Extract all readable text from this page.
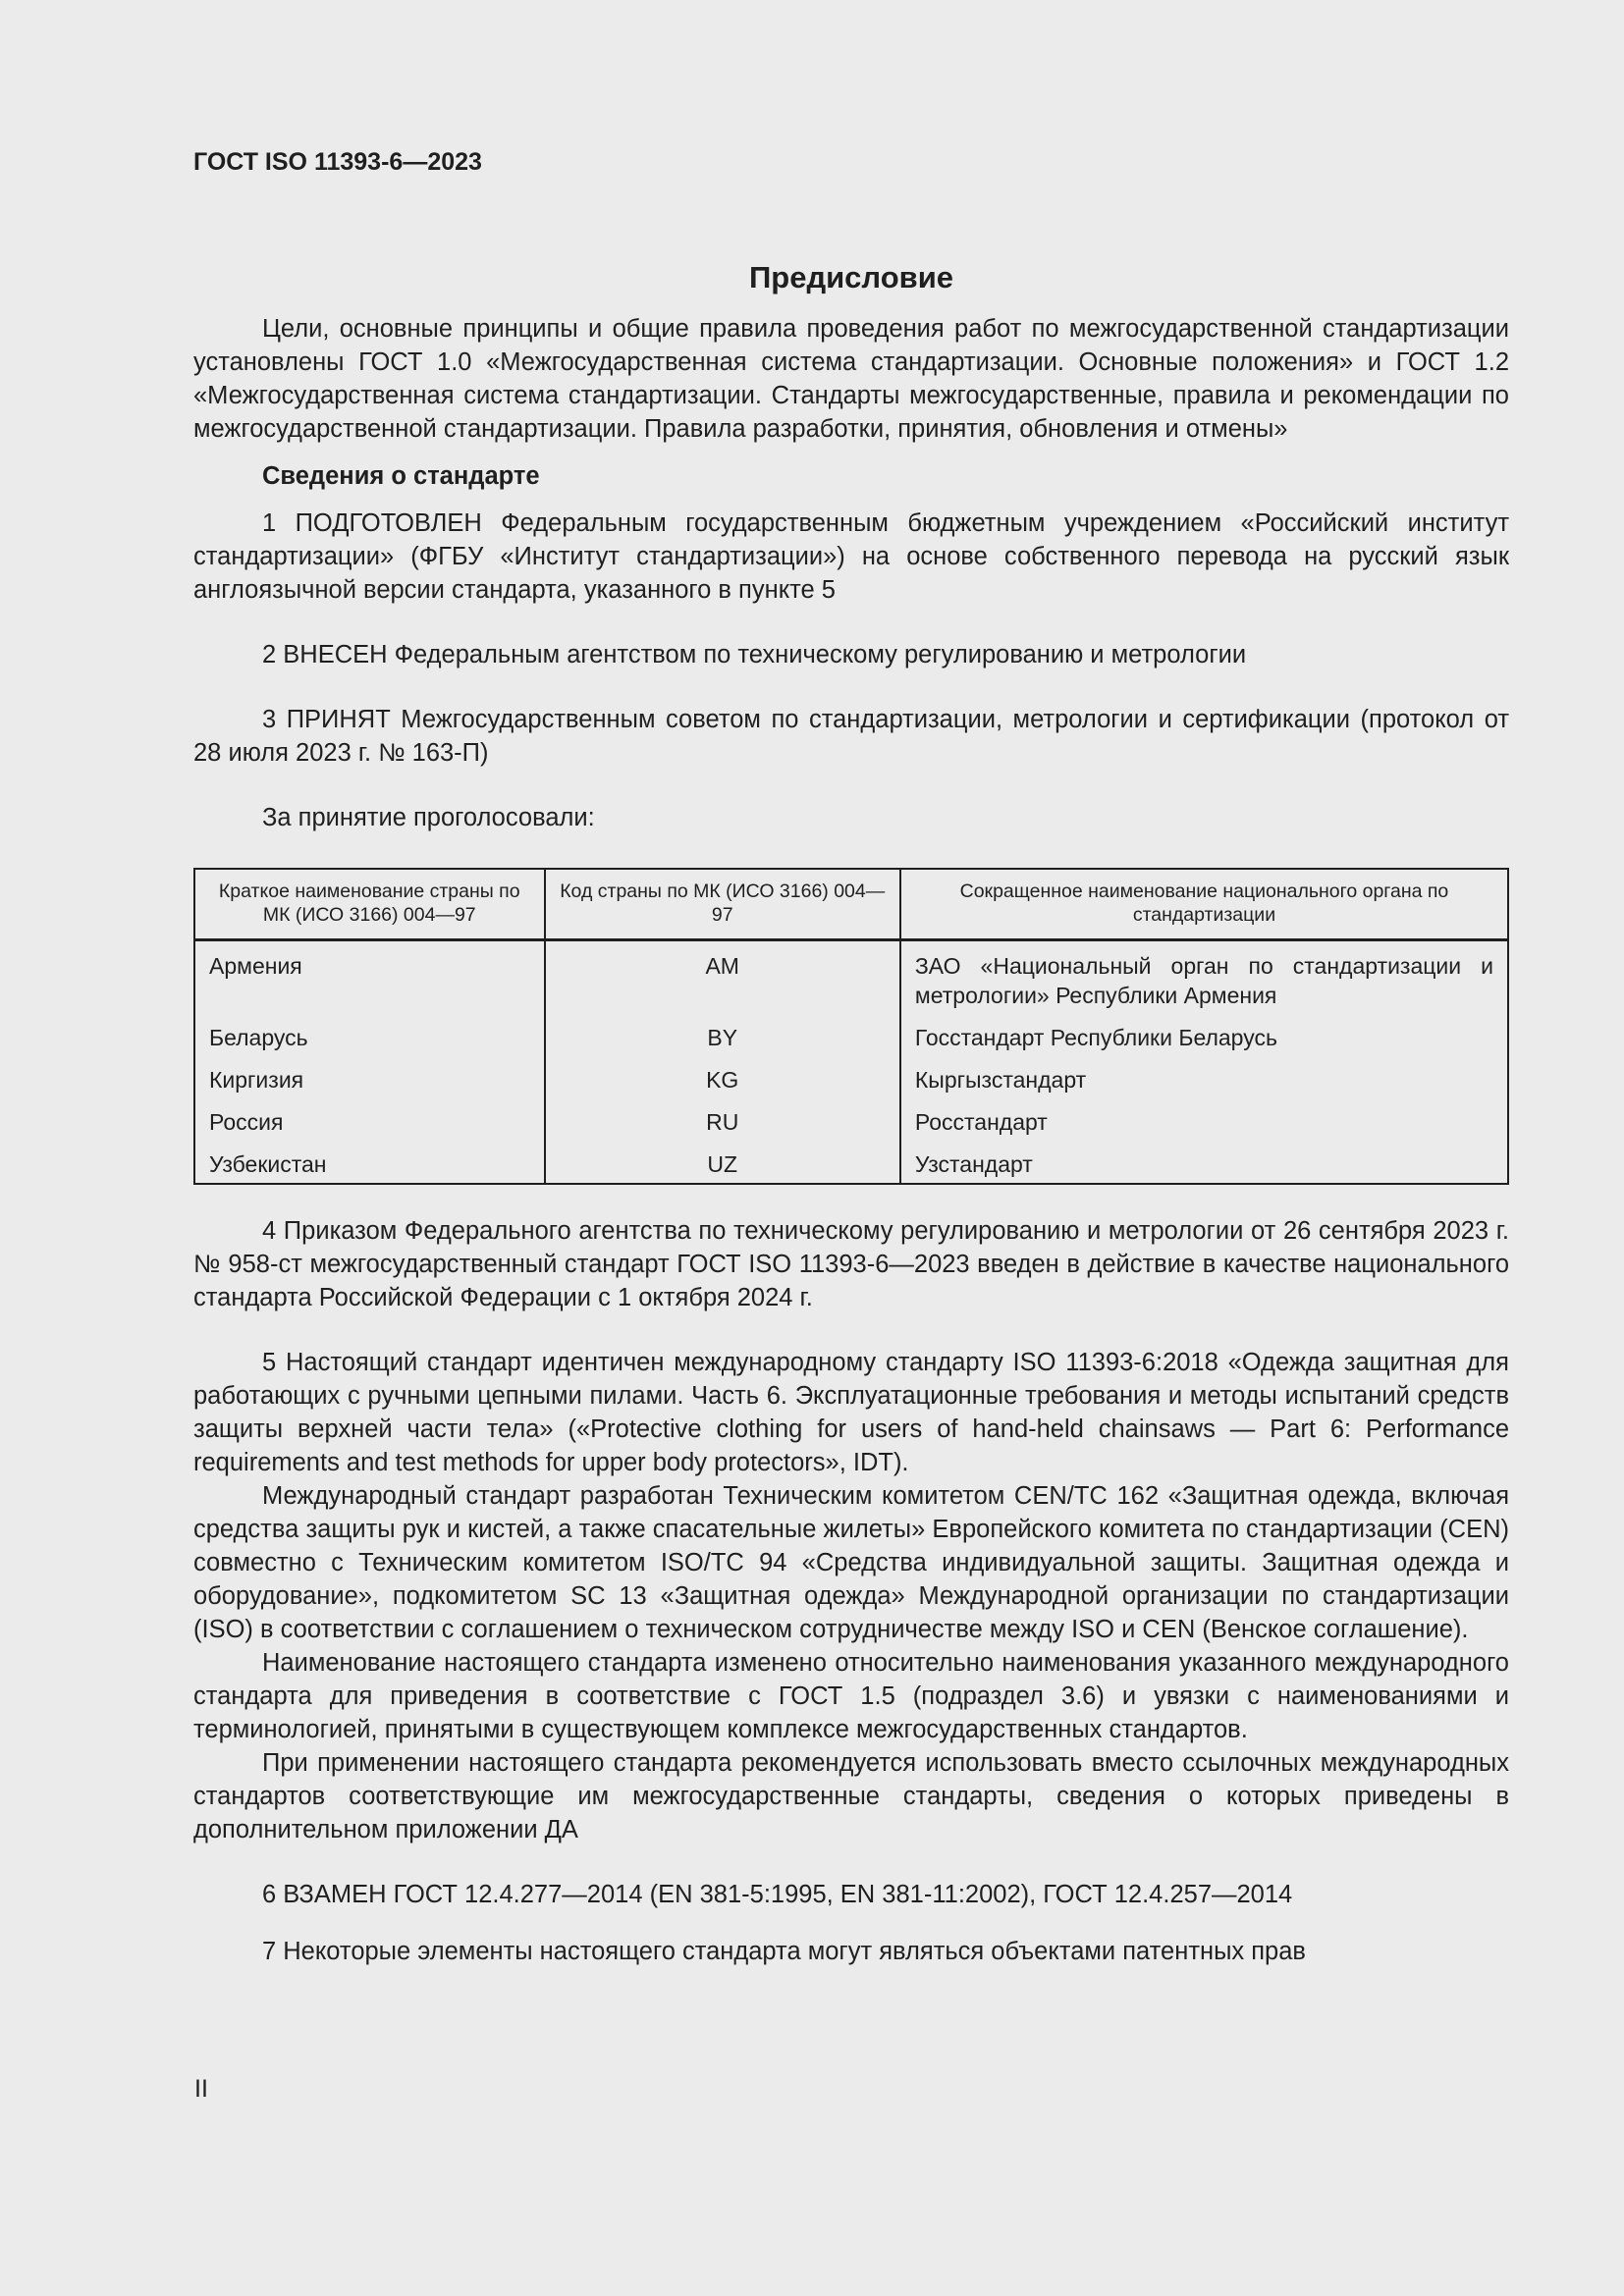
ГОСТ ISO 11393-6—2023
Предисловие

Цели, основные принципы и общие правила проведения работ по межгосударственной стандартизации установлены ГОСТ 1.0 «Межгосударственная система стандартизации. Основные положения» и ГОСТ 1.2 «Межгосударственная система стандартизации. Стандарты межгосударственные, правила и рекомендации по межгосударственной стандартизации. Правила разработки, принятия, обновления и отмены»

Сведения о стандарте

1 ПОДГОТОВЛЕН Федеральным государственным бюджетным учреждением «Российский институт стандартизации» (ФГБУ «Институт стандартизации») на основе собственного перевода на русский язык англоязычной версии стандарта, указанного в пункте 5

2 ВНЕСЕН Федеральным агентством по техническому регулированию и метрологии

3 ПРИНЯТ Межгосударственным советом по стандартизации, метрологии и сертификации (протокол от 28 июля 2023 г. № 163-П)

За принятие проголосовали:

Краткое наименование страны по МК (ИСО 3166) 004—97	Код страны по МК (ИСО 3166) 004—97	Сокращенное наименование национального органа по стандартизации
Армения	AM	ЗАО «Национальный орган по стандартизации и метрологии» Республики Армения
Беларусь	BY	Госстандарт Республики Беларусь
Киргизия	KG	Кыргызстандарт
Россия	RU	Росстандарт
Узбекистан	UZ	Узстандарт

4 Приказом Федерального агентства по техническому регулированию и метрологии от 26 сентября 2023 г. № 958-ст межгосударственный стандарт ГОСТ ISO 11393-6—2023 введен в действие в качестве национального стандарта Российской Федерации с 1 октября 2024 г.

5 Настоящий стандарт идентичен международному стандарту ISO 11393-6:2018 «Одежда защитная для работающих с ручными цепными пилами. Часть 6. Эксплуатационные требования и методы испытаний средств защиты верхней части тела» («Protective clothing for users of hand-held chainsaws — Part 6: Performance requirements and test methods for upper body protectors», IDT).

Международный стандарт разработан Техническим комитетом CEN/TC 162 «Защитная одежда, включая средства защиты рук и кистей, а также спасательные жилеты» Европейского комитета по стандартизации (CEN) совместно с Техническим комитетом ISO/TC 94 «Средства индивидуальной защиты. Защитная одежда и оборудование», подкомитетом SC 13 «Защитная одежда» Международной организации по стандартизации (ISO) в соответствии с соглашением о техническом сотрудничестве между ISO и CEN (Венское соглашение).

Наименование настоящего стандарта изменено относительно наименования указанного международного стандарта для приведения в соответствие с ГОСТ 1.5 (подраздел 3.6) и увязки с наименованиями и терминологией, принятыми в существующем комплексе межгосударственных стандартов.

При применении настоящего стандарта рекомендуется использовать вместо ссылочных международных стандартов соответствующие им межгосударственные стандарты, сведения о которых приведены в дополнительном приложении ДА

6 ВЗАМЕН ГОСТ 12.4.277—2014 (EN 381-5:1995, EN 381-11:2002), ГОСТ 12.4.257—2014

7 Некоторые элементы настоящего стандарта могут являться объектами патентных прав

II
